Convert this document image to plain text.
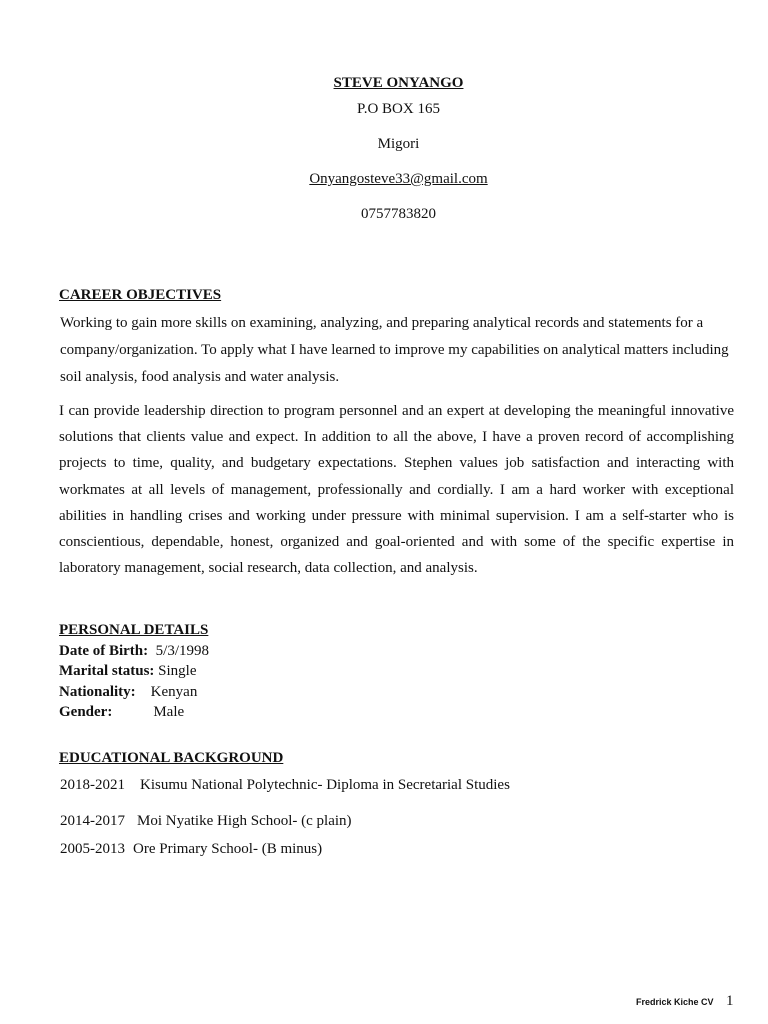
STEVE ONYANGO
P.O BOX 165
Migori
Onyangosteve33@gmail.com
0757783820
CAREER OBJECTIVES
Working to gain more skills on examining, analyzing, and preparing analytical records and statements for a company/organization. To apply what I have learned to improve my capabilities on analytical matters including soil analysis, food analysis and water analysis.
I can provide leadership direction to program personnel and an expert at developing the meaningful innovative solutions that clients value and expect. In addition to all the above, I have a proven record of accomplishing projects to time, quality, and budgetary expectations. Stephen values job satisfaction and interacting with workmates at all levels of management, professionally and cordially. I am a hard worker with exceptional abilities in handling crises and working under pressure with minimal supervision. I am a self-starter who is conscientious, dependable, honest, organized and goal-oriented and with some of the specific expertise in laboratory management, social research, data collection, and analysis.
PERSONAL DETAILS
Date of Birth: 5/3/1998
Marital status: Single
Nationality: Kenyan
Gender:	Male
EDUCATIONAL BACKGROUND
2018-2021 Kisumu National Polytechnic- Diploma in Secretarial Studies
2014-2017 Moi Nyatike High School- (c plain)
2005-2013 Ore Primary School- (B minus)
Fredrick Kiche CV 1
